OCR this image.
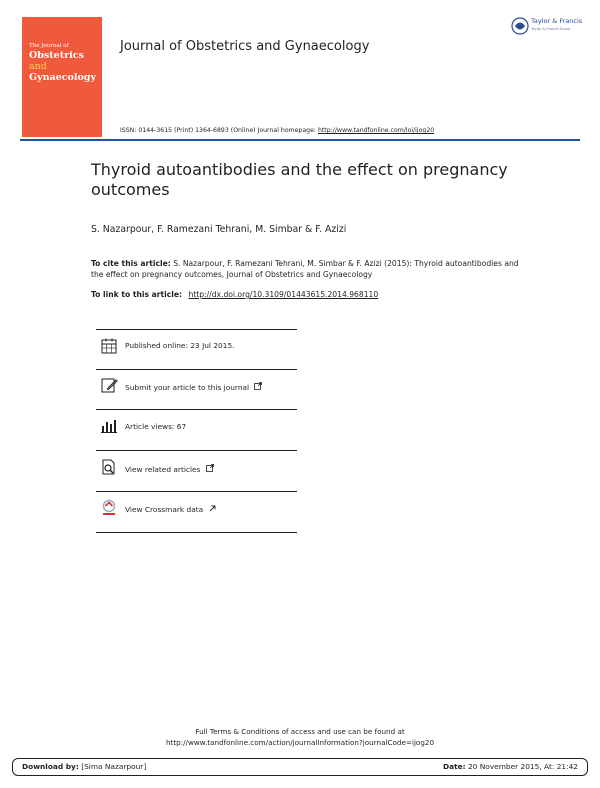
The Journal of
Obstetrics and
Gynaecology
Journal of Obstetrics and Gynaecology
Taylor & Francis
Taylor & Francis Group
ISSN: 0144-3615 (Print) 1364-6893 (Online) Journal homepage: http://www.tandfonline.com/loi/ijog20
Thyroid autoantibodies and the effect on pregnancy outcomes
S. Nazarpour, F. Ramezani Tehrani, M. Simbar & F. Azizi
To cite this article: S. Nazarpour, F. Ramezani Tehrani, M. Simbar & F. Azizi (2015): Thyroid autoantibodies and the effect on pregnancy outcomes, Journal of Obstetrics and Gynaecology
To link to this article: http://dx.doi.org/10.3109/01443615.2014.968110
Published online: 23 Jul 2015.
Submit your article to this journal
Article views: 67
View related articles
View Crossmark data
Full Terms & Conditions of access and use can be found at
http://www.tandfonline.com/action/journalInformation?journalCode=ijog20
Download by: [Sima Nazarpour]	Date: 20 November 2015, At: 21:42
